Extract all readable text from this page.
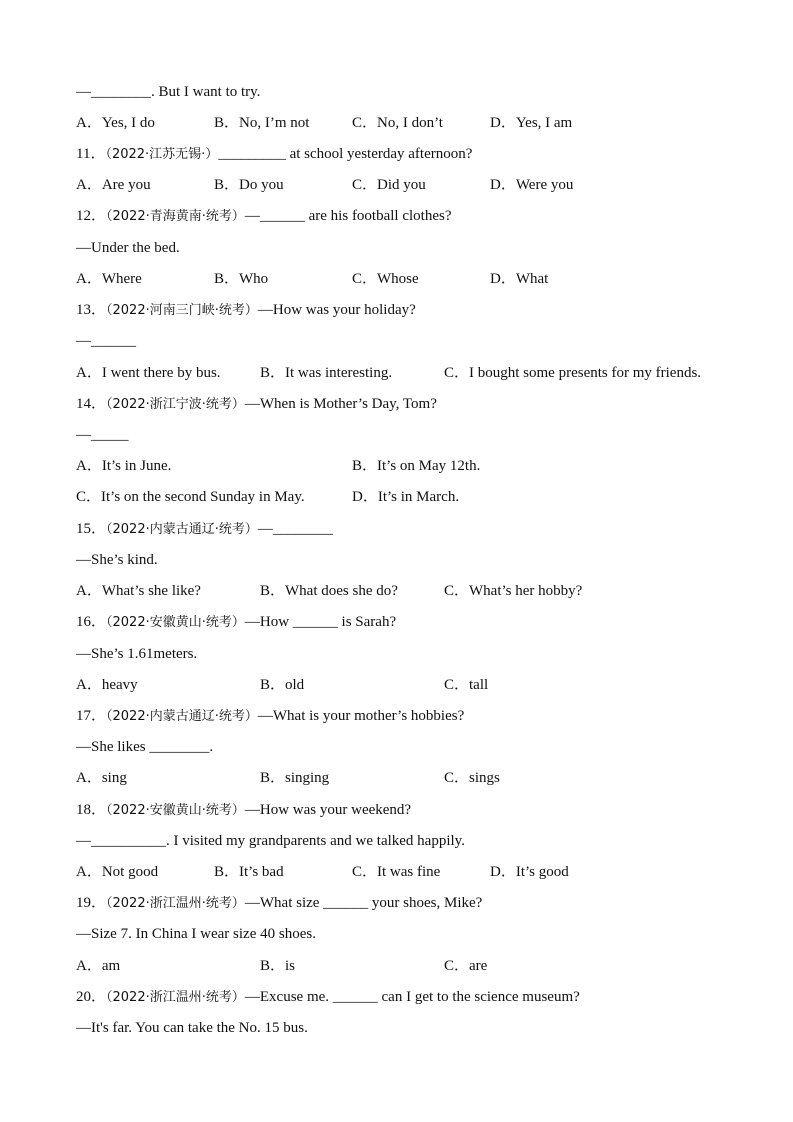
—________. But I want to try.
A．Yes, I do	B．No, I’m not	C．No, I don’t	D．Yes, I am
11．（2022·江苏无锡·）_________ at school yesterday afternoon?
A．Are you	B．Do you	C．Did you	D．Were you
12．（2022·青海黄南·统考）—______ are his football clothes?
—Under the bed.
A．Where	B．Who	C．Whose	D．What
13．（2022·河南三门峡·统考）—How was your holiday?
—______
A．I went there by bus.	B．It was interesting.	C．I bought some presents for my friends.
14．（2022·浙江宁波·统考）—When is Mother’s Day, Tom?
—_____
A．It’s in June.	B．It’s on May 12th.
C．It’s on the second Sunday in May.	D．It’s in March.
15．（2022·内蒙古通辽·统考）—________
—She’s kind.
A．What’s she like?	B．What does she do?	C．What’s her hobby?
16．（2022·安徽黄山·统考）—How ______ is Sarah?
—She’s 1.61meters.
A．heavy	B．old	C．tall
17．（2022·内蒙古通辽·统考）—What is your mother’s hobbies?
—She likes ________.
A．sing	B．singing	C．sings
18．（2022·安徽黄山·统考）—How was your weekend?
—__________. I visited my grandparents and we talked happily.
A．Not good	B．It’s bad	C．It was fine	D．It’s good
19．（2022·浙江温州·统考）—What size ______ your shoes, Mike?
—Size 7. In China I wear size 40 shoes.
A．am	B．is	C．are
20．（2022·浙江温州·统考）—Excuse me. ______ can I get to the science museum?
—It's far. You can take the No. 15 bus.
